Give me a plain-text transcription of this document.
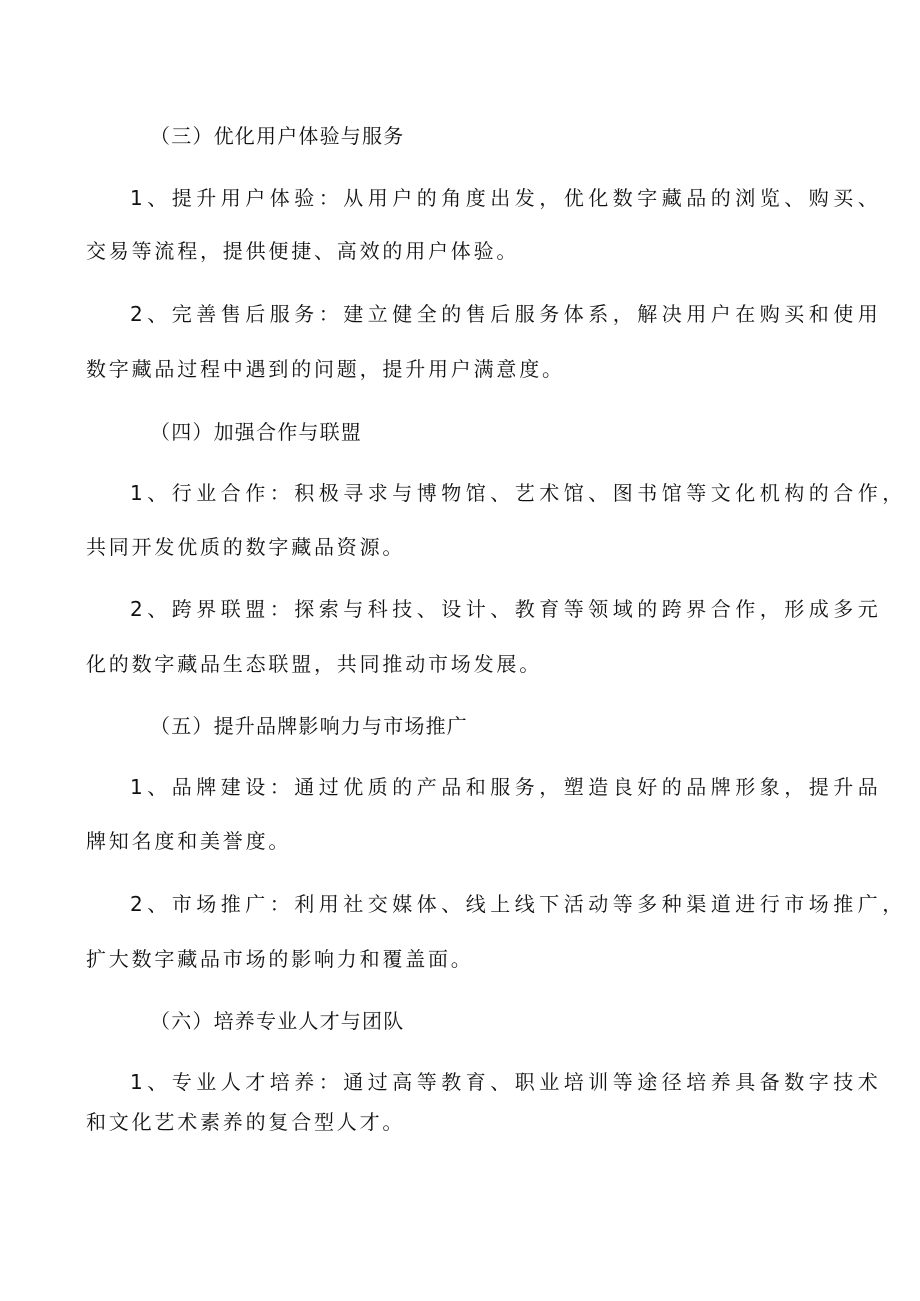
（三）优化用户体验与服务
1、提升用户体验：从用户的角度出发，优化数字藏品的浏览、购买、
交易等流程，提供便捷、高效的用户体验。
2、完善售后服务：建立健全的售后服务体系，解决用户在购买和使用
数字藏品过程中遇到的问题，提升用户满意度。
（四）加强合作与联盟
1、行业合作：积极寻求与博物馆、艺术馆、图书馆等文化机构的合作，
共同开发优质的数字藏品资源。
2、跨界联盟：探索与科技、设计、教育等领域的跨界合作，形成多元
化的数字藏品生态联盟，共同推动市场发展。
（五）提升品牌影响力与市场推广
1、品牌建设：通过优质的产品和服务，塑造良好的品牌形象，提升品
牌知名度和美誉度。
2、市场推广：利用社交媒体、线上线下活动等多种渠道进行市场推广，
扩大数字藏品市场的影响力和覆盖面。
（六）培养专业人才与团队
1、专业人才培养：通过高等教育、职业培训等途径培养具备数字技术
和文化艺术素养的复合型人才。
